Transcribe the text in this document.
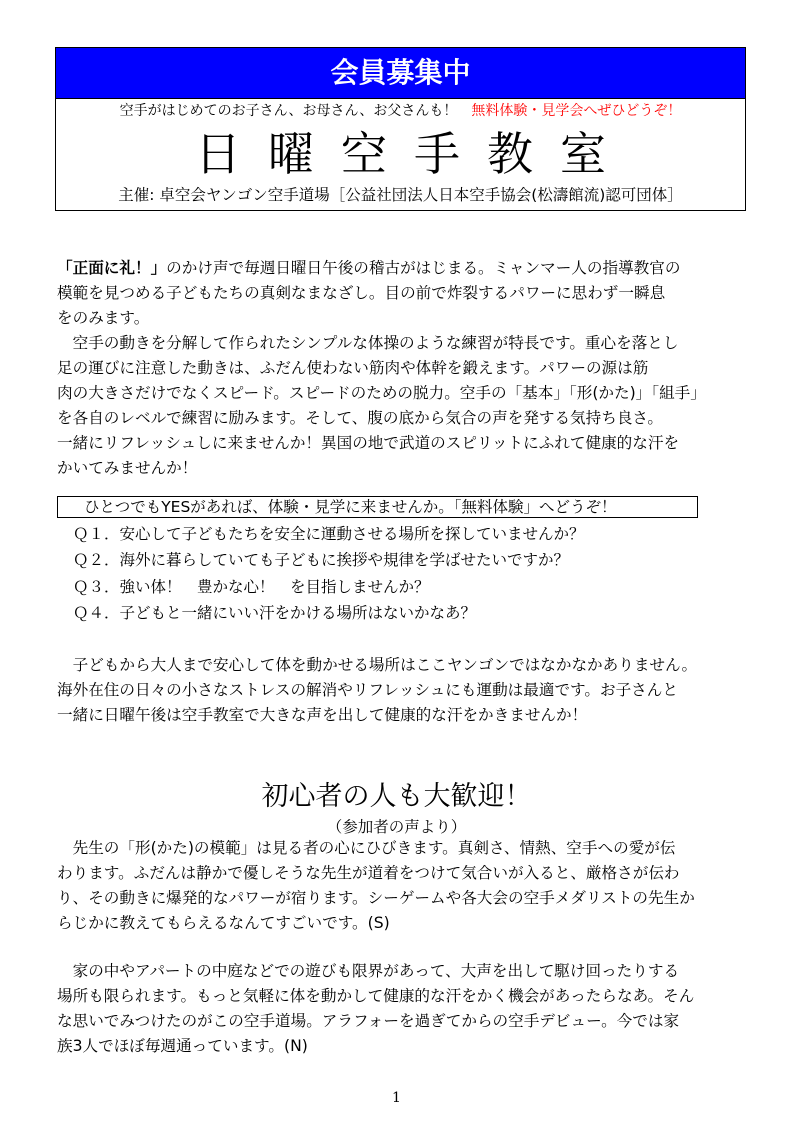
会員募集中
空手がはじめてのお子さん、お母さん、お父さんも！　 無料体験・見学会へぜひどうぞ！
日曜空手教室
主催: 卓空会ヤンゴン空手道場［公益社団法人日本空手協会(松濤館流)認可団体］

「正面に礼！」のかけ声で毎週日曜日午後の稽古がはじまる。ミャンマー人の指導教官の

模範を見つめる子どもたちの真剣なまなざし。目の前で炸裂するパワーに思わず一瞬息

をのみます。

　空手の動きを分解して作られたシンプルな体操のような練習が特長です。重心を落とし

足の運びに注意した動きは、ふだん使わない筋肉や体幹を鍛えます。パワーの源は筋

肉の大きさだけでなくスピード。スピードのための脱力。空手の「基本」「形(かた)」「組手」

を各自のレベルで練習に励みます。そして、腹の底から気合の声を発する気持ち良さ。

一緒にリフレッシュしに来ませんか！異国の地で武道のスピリットにふれて健康的な汗を

かいてみませんか！

ひとつでもYESがあれば、体験・見学に来ませんか。「無料体験」へどうぞ！
Ｑ１．安心して子どもたちを安全に運動させる場所を探していませんか？
Ｑ２．海外に暮らしていても子どもに挨拶や規律を学ばせたいですか？
Ｑ３．強い体！　豊かな心！　を目指しませんか？
Ｑ４．子どもと一緒にいい汗をかける場所はないかなあ？

　子どもから大人まで安心して体を動かせる場所はここヤンゴンではなかなかありません。

海外在住の日々の小さなストレスの解消やリフレッシュにも運動は最適です。お子さんと

一緒に日曜午後は空手教室で大きな声を出して健康的な汗をかきませんか！

初心者の人も大歓迎！
（参加者の声より）

　先生の「形(かた)の模範」は見る者の心にひびきます。真剣さ、情熱、空手への愛が伝

わります。ふだんは静かで優しそうな先生が道着をつけて気合いが入ると、厳格さが伝わ

り、その動きに爆発的なパワーが宿ります。シーゲームや各大会の空手メダリストの先生か

らじかに教えてもらえるなんてすごいです。(S)

　家の中やアパートの中庭などでの遊びも限界があって、大声を出して駆け回ったりする

場所も限られます。もっと気軽に体を動かして健康的な汗をかく機会があったらなあ。そん

な思いでみつけたのがこの空手道場。アラフォーを過ぎてからの空手デビュー。今では家

族3人でほぼ毎週通っています。(N)

1
